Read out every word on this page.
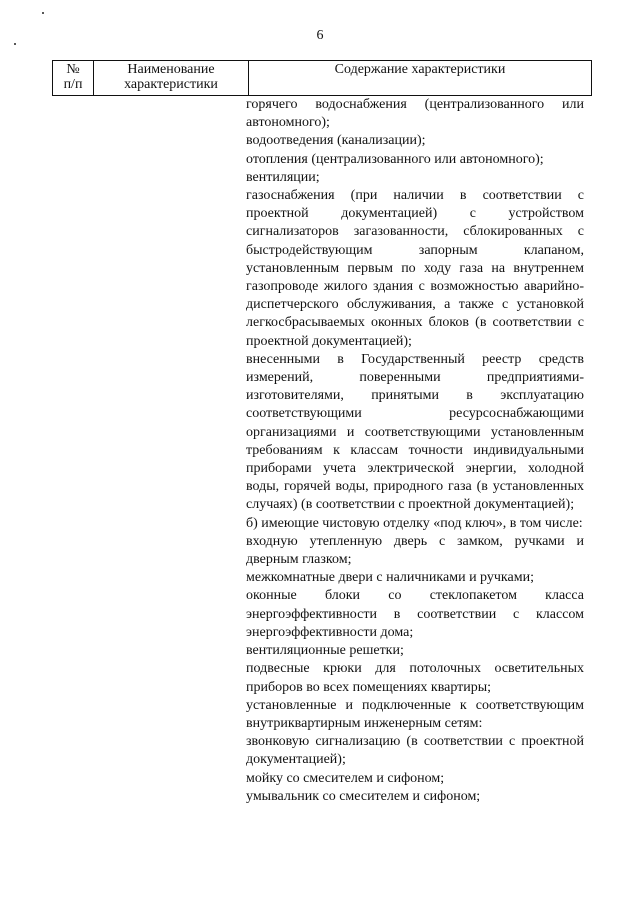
6
№
п/п
Наименование
характеристики
Содержание характеристики

горячего водоснабжения (централизованного или автономного);

водоотведения (канализации);

отопления (централизованного или автономного);

вентиляции;

газоснабжения (при наличии в соответствии с проектной документацией) с устройством сигнализаторов загазованности, сблокированных с быстродействующим запорным клапаном, установленным первым по ходу газа на внутреннем газопроводе жилого здания с возможностью аварийно-диспетчерского обслуживания, а также с установкой легкосбрасываемых оконных блоков (в соответствии с проектной документацией);

внесенными в Государственный реестр средств измерений, поверенными предприятиями-изготовителями, принятыми в эксплуатацию соответствующими ресурсоснабжающими организациями и соответствующими установленным требованиям к классам точности индивидуальными приборами учета электрической энергии, холодной воды, горячей воды, природного газа (в установленных случаях) (в соответствии с проектной документацией);

б) имеющие чистовую отделку «под ключ», в том числе:

входную утепленную дверь с замком, ручками и дверным глазком;

межкомнатные двери с наличниками и ручками;

оконные блоки со стеклопакетом класса энергоэффективности в соответствии с классом энергоэффективности дома;

вентиляционные решетки;

подвесные крюки для потолочных осветительных приборов во всех помещениях квартиры;

установленные и подключенные к соответствующим внутриквартирным инженерным сетям:

звонковую сигнализацию (в соответствии с проектной документацией);

мойку со смесителем и сифоном;

умывальник со смесителем и сифоном;
